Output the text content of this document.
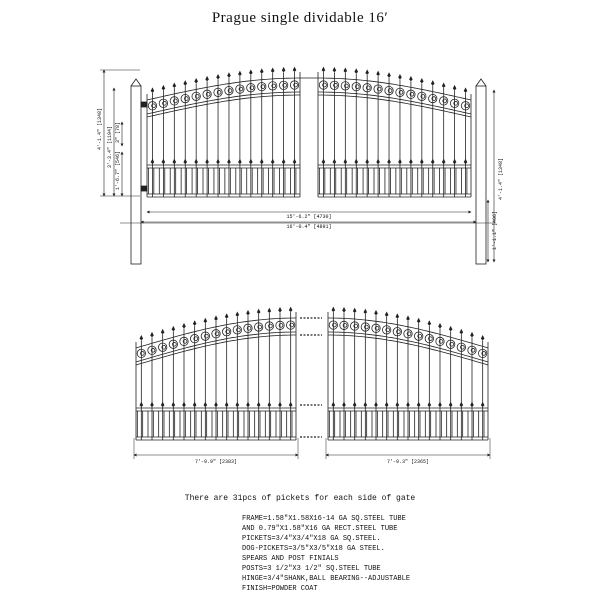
Prague single dividable 16′
4'-1.4" [1348] 3'-3.4" [1194] 3" [78]
1'-6.7" [546]	4'-1.4" [1348]
1'-1.1" [406]
15'-6.2" [4730]
16'-0.4" [4891]
7'-9.9" [2383]	7'-9.3" [2365]
There are 31pcs of pickets for each side of gate
FRAME=1.58"X1.58X16-14 GA SQ.STEEL TUBE
AND 0.79"X1.58"X16 GA RECT.STEEL TUBE
PICKETS=3/4"X3/4"X18 GA SQ.STEEL.
DOG-PICKETS=3/5"X3/5"X18 GA STEEL.
SPEARS AND POST FINIALS
POSTS=3 1/2"X3 1/2" SQ.STEEL TUBE
HINGE=3/4"SHANK,BALL BEARING--ADJUSTABLE
FINISH=POWDER COAT
